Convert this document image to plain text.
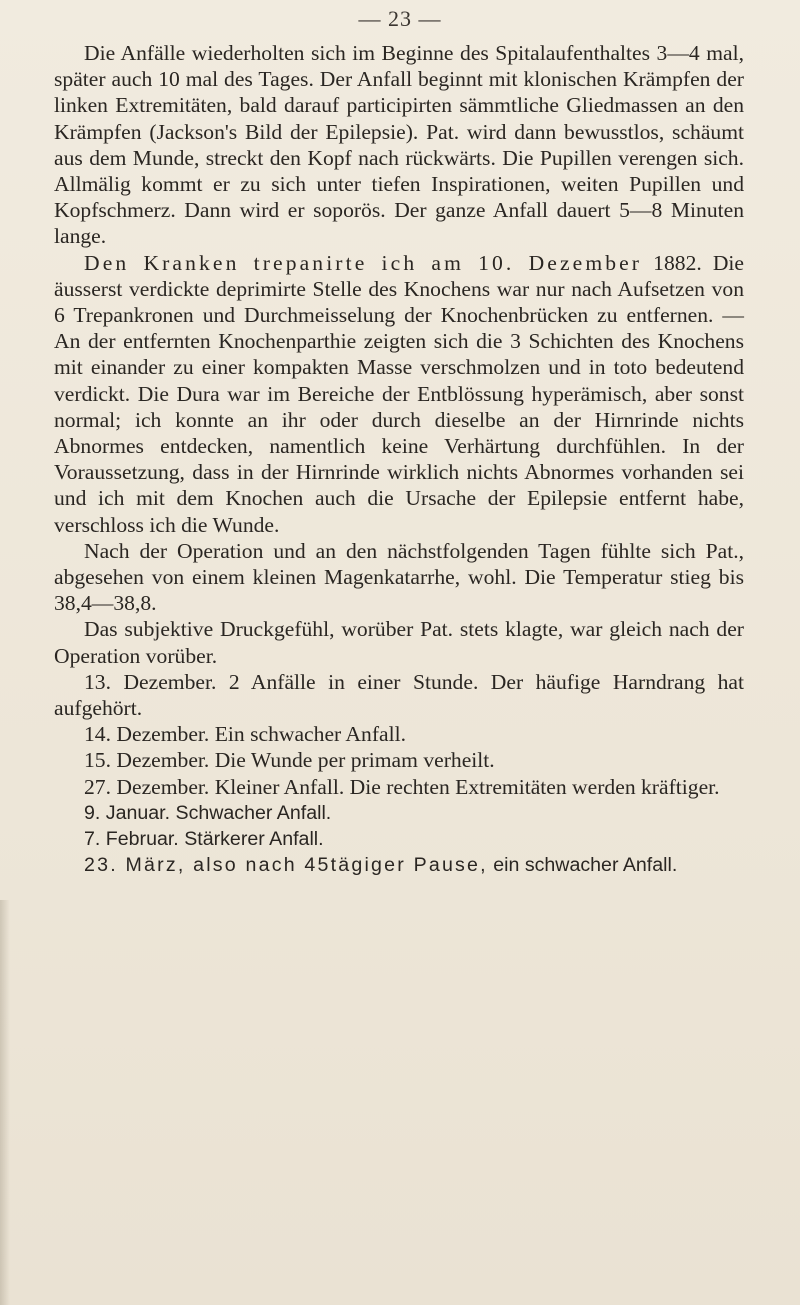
— 23 —

Die Anfälle wiederholten sich im Beginne des Spitalaufenthaltes 3—4 mal, später auch 10 mal des Tages. Der Anfall beginnt mit klonischen Krämpfen der linken Extremitäten, bald darauf participirten sämmtliche Gliedmassen an den Krämpfen (Jackson's Bild der Epilepsie). Pat. wird dann bewusstlos, schäumt aus dem Munde, streckt den Kopf nach rückwärts. Die Pupillen verengen sich. Allmälig kommt er zu sich unter tiefen Inspirationen, weiten Pupillen und Kopfschmerz. Dann wird er soporös. Der ganze Anfall dauert 5—8 Minuten lange.

Den Kranken trepanirte ich am 10. Dezember 1882. Die äusserst verdickte deprimirte Stelle des Knochens war nur nach Aufsetzen von 6 Trepankronen und Durchmeisselung der Knochenbrücken zu entfernen. — An der entfernten Knochenparthie zeigten sich die 3 Schichten des Knochens mit einander zu einer kompakten Masse verschmolzen und in toto bedeutend verdickt. Die Dura war im Bereiche der Entblössung hyperämisch, aber sonst normal; ich konnte an ihr oder durch dieselbe an der Hirnrinde nichts Abnormes entdecken, namentlich keine Verhärtung durchfühlen. In der Voraussetzung, dass in der Hirnrinde wirklich nichts Abnormes vorhanden sei und ich mit dem Knochen auch die Ursache der Epilepsie entfernt habe, verschloss ich die Wunde.

Nach der Operation und an den nächstfolgenden Tagen fühlte sich Pat., abgesehen von einem kleinen Magenkatarrhe, wohl. Die Temperatur stieg bis 38,4—38,8.

Das subjektive Druckgefühl, worüber Pat. stets klagte, war gleich nach der Operation vorüber.

13. Dezember. 2 Anfälle in einer Stunde. Der häufige Harndrang hat aufgehört.

14. Dezember. Ein schwacher Anfall.

15. Dezember. Die Wunde per primam verheilt.

27. Dezember. Kleiner Anfall. Die rechten Extremitäten werden kräftiger.

9. Januar. Schwacher Anfall.

7. Februar. Stärkerer Anfall.

23. März, also nach 45tägiger Pause, ein schwacher Anfall.
